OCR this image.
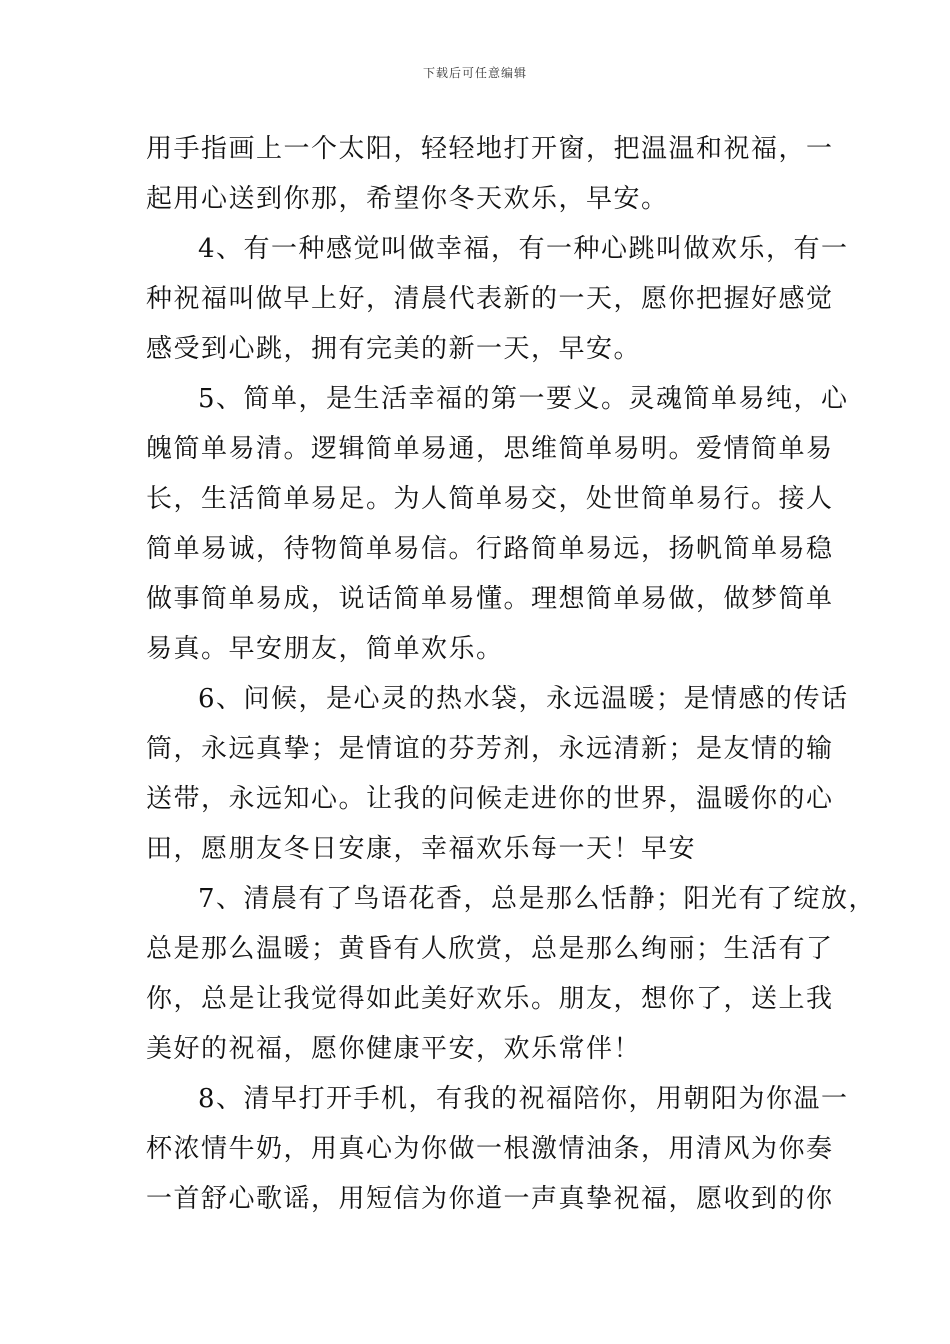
下载后可任意编辑
用手指画上一个太阳，轻轻地打开窗，把温温和祝福，一
起用心送到你那，希望你冬天欢乐，早安。
4、有一种感觉叫做幸福，有一种心跳叫做欢乐，有一
种祝福叫做早上好，清晨代表新的一天，愿你把握好感觉
感受到心跳，拥有完美的新一天，早安。
5、简单，是生活幸福的第一要义。灵魂简单易纯，心
魄简单易清。逻辑简单易通，思维简单易明。爱情简单易
长，生活简单易足。为人简单易交，处世简单易行。接人
简单易诚，待物简单易信。行路简单易远，扬帆简单易稳
做事简单易成，说话简单易懂。理想简单易做，做梦简单
易真。早安朋友，简单欢乐。
6、问候，是心灵的热水袋，永远温暖；是情感的传话
筒，永远真挚；是情谊的芬芳剂，永远清新；是友情的输
送带，永远知心。让我的问候走进你的世界，温暖你的心
田，愿朋友冬日安康，幸福欢乐每一天！早安
7、清晨有了鸟语花香，总是那么恬静；阳光有了绽放，
总是那么温暖；黄昏有人欣赏，总是那么绚丽；生活有了
你，总是让我觉得如此美好欢乐。朋友，想你了，送上我
美好的祝福，愿你健康平安，欢乐常伴！
8、清早打开手机，有我的祝福陪你，用朝阳为你温一
杯浓情牛奶，用真心为你做一根激情油条，用清风为你奏
一首舒心歌谣，用短信为你道一声真挚祝福，愿收到的你
